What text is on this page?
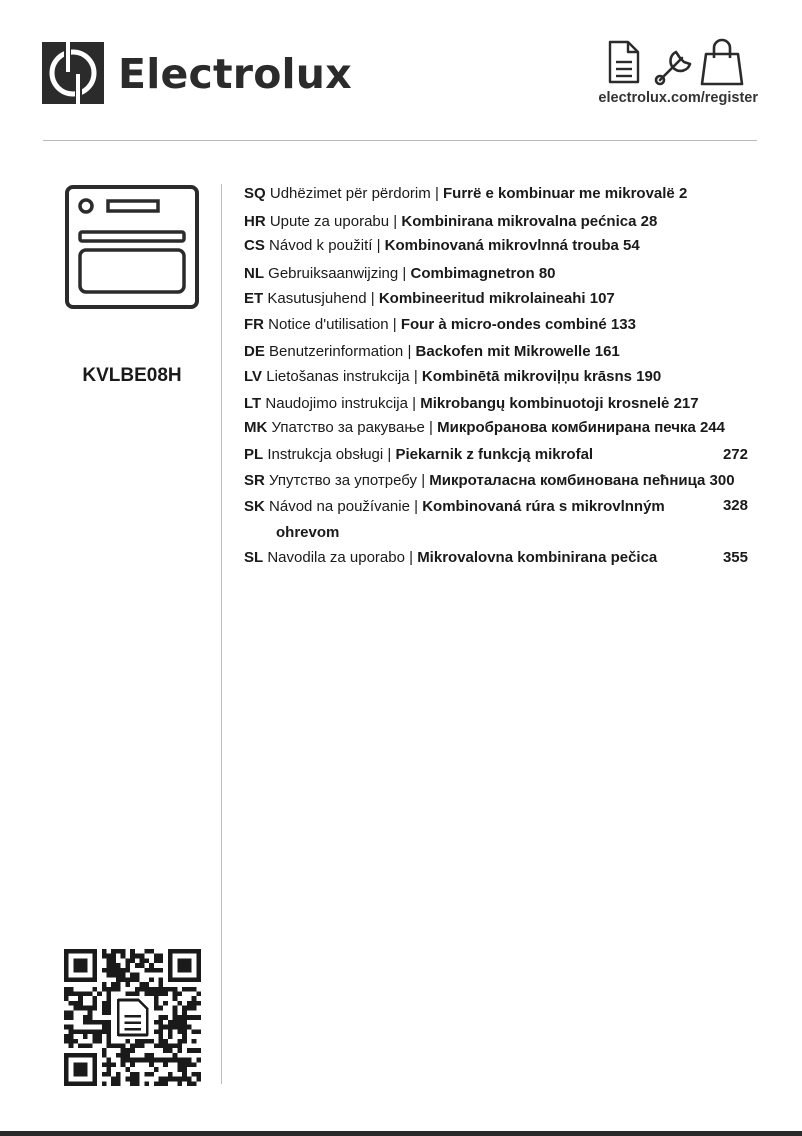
Electrolux	electrolux.com/register
KVLBE08H
SQ Udhëzimet për përdorim | Furrë e kombinuar me mikrovalë 2
HR Upute za uporabu | Kombinirana mikrovalna pećnica 28
CS Návod k použití | Kombinovaná mikrovlnná trouba 54
NL Gebruiksaanwijzing | Combimagnetron 80
ET Kasutusjuhend | Kombineeritud mikrolaineahi 107
FR Notice d'utilisation | Four à micro-ondes combiné 133
DE Benutzerinformation | Backofen mit Mikrowelle 161
LV Lietošanas instrukcija | Kombinētā mikroviļņu krāsns 190
LT Naudojimo instrukcija | Mikrobangų kombinuotoji krosnelė 217
MK Упатство за ракување | Микробранова комбинирана печка 244
PL Instrukcja obsługi | Piekarnik z funkcją mikrofal	272
SR Упутство за употребу | Микроталасна комбинована пећница 300
SK Návod na používanie | Kombinovaná rúra s mikrovlnným	328
ohrevom
SL Navodila za uporabo | Mikrovalovna kombinirana pečica	355
